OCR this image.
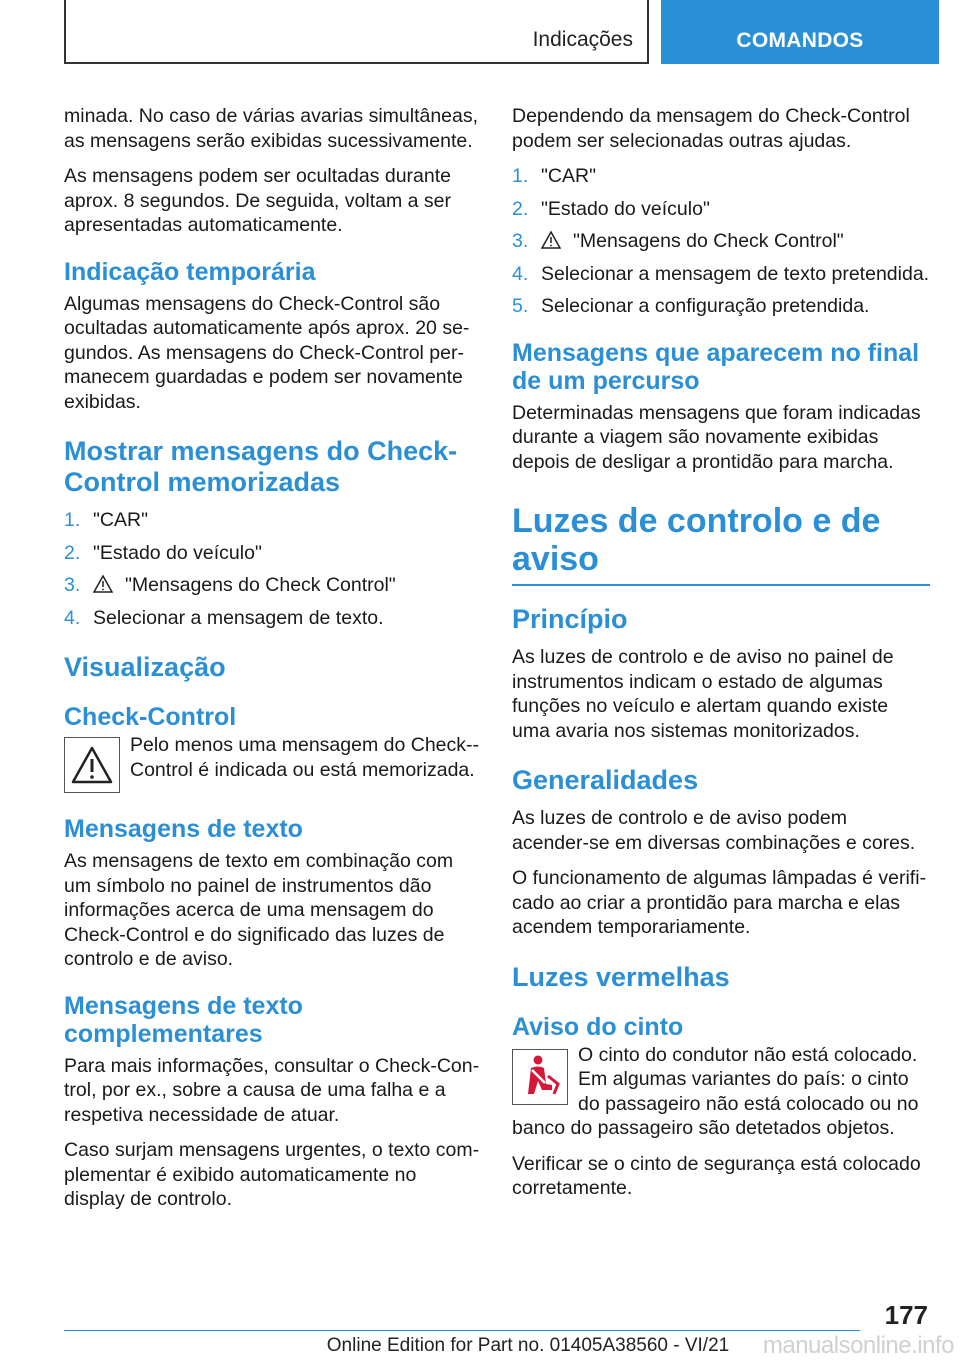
Indicações	COMANDOS

minada. No caso de várias avarias simultâneas, as mensagens serão exibidas sucessivamente.

As mensagens podem ser ocultadas durante aprox. 8 segundos. De seguida, voltam a ser apresentadas automaticamente.

Indicação temporária

Algumas mensagens do Check-Control são ocultadas automaticamente após aprox. 20 segundos. As mensagens do Check-Control permanecem guardadas e podem ser novamente exibidas.

Mostrar mensagens do Check-Control memorizadas
1. "CAR"
2. "Estado do veículo"
3. "Mensagens do Check Control"
4. Selecionar a mensagem de texto.
Visualização
Check-Control

Pelo menos uma mensagem do Check-Control é indicada ou está memorizada.

Mensagens de texto

As mensagens de texto em combinação com um símbolo no painel de instrumentos dão informações acerca de uma mensagem do Check-Control e do significado das luzes de controlo e de aviso.

Mensagens de texto complementares

Para mais informações, consultar o Check-Control, por ex., sobre a causa de uma falha e a respetiva necessidade de atuar.

Caso surjam mensagens urgentes, o texto complementar é exibido automaticamente no display de controlo.

Dependendo da mensagem do Check-Control podem ser selecionadas outras ajudas.

1. "CAR"
2. "Estado do veículo"
3. "Mensagens do Check Control"
4. Selecionar a mensagem de texto pretendida.
5. Selecionar a configuração pretendida.
Mensagens que aparecem no final de um percurso

Determinadas mensagens que foram indicadas durante a viagem são novamente exibidas depois de desligar a prontidão para marcha.

Luzes de controlo e de aviso
Princípio

As luzes de controlo e de aviso no painel de instrumentos indicam o estado de algumas funções no veículo e alertam quando existe uma avaria nos sistemas monitorizados.

Generalidades

As luzes de controlo e de aviso podem acender-se em diversas combinações e cores.

O funcionamento de algumas lâmpadas é verificado ao criar a prontidão para marcha e elas acendem temporariamente.

Luzes vermelhas
Aviso do cinto

O cinto do condutor não está colocado. Em algumas variantes do país: o cinto do passageiro não está colocado ou no banco do passageiro são detetados objetos.

Verificar se o cinto de segurança está colocado corretamente.

177
Online Edition for Part no. 01405A38560 - VI/21	manualsonline.info
